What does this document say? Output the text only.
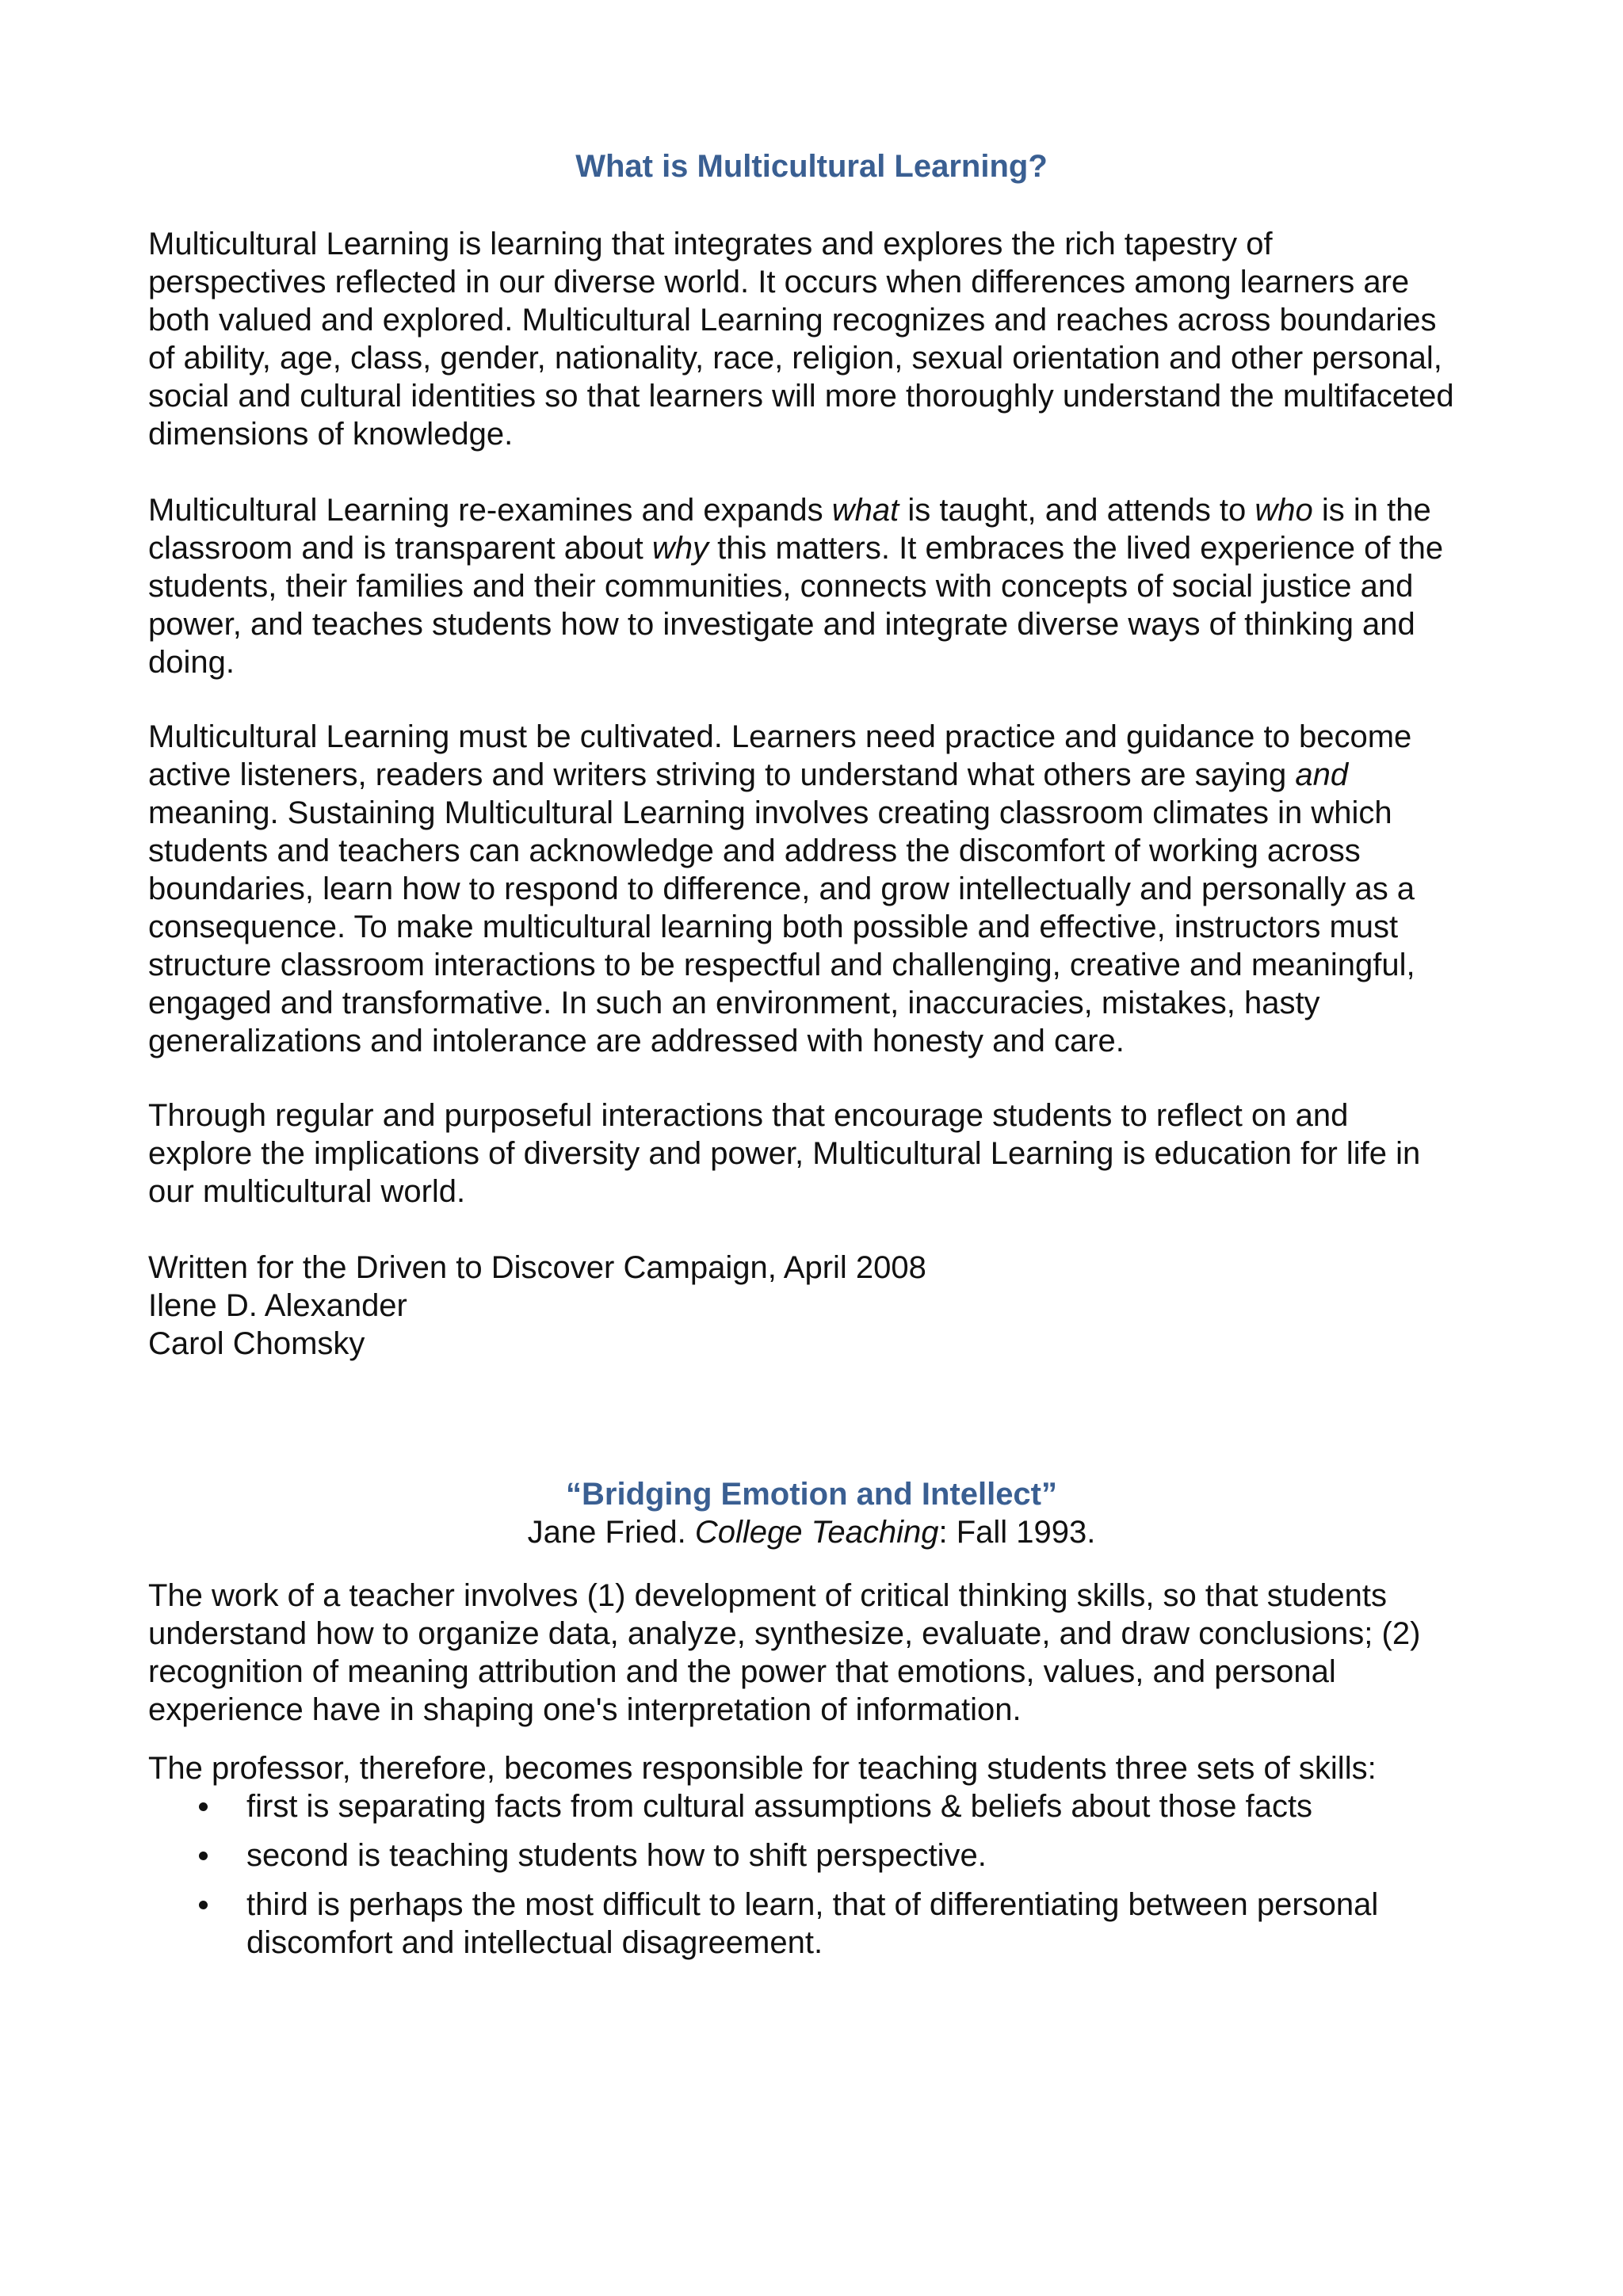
What is Multicultural Learning?

Multicultural Learning is learning that integrates and explores the rich tapestry of
perspectives reflected in our diverse world. It occurs when differences among learners are
both valued and explored. Multicultural Learning recognizes and reaches across boundaries
of ability, age, class, gender, nationality, race, religion, sexual orientation and other personal,
social and cultural identities so that learners will more thoroughly understand the multifaceted
dimensions of knowledge.

Multicultural Learning re-examines and expands what is taught, and attends to who is in the
classroom and is transparent about why this matters. It embraces the lived experience of the
students, their families and their communities, connects with concepts of social justice and
power, and teaches students how to investigate and integrate diverse ways of thinking and
doing.

Multicultural Learning must be cultivated. Learners need practice and guidance to become
active listeners, readers and writers striving to understand what others are saying and
meaning. Sustaining Multicultural Learning involves creating classroom climates in which
students and teachers can acknowledge and address the discomfort of working across
boundaries, learn how to respond to difference, and grow intellectually and personally as a
consequence. To make multicultural learning both possible and effective, instructors must
structure classroom interactions to be respectful and challenging, creative and meaningful,
engaged and transformative. In such an environment, inaccuracies, mistakes, hasty
generalizations and intolerance are addressed with honesty and care.

Through regular and purposeful interactions that encourage students to reflect on and
explore the implications of diversity and power, Multicultural Learning is education for life in
our multicultural world.

Written for the Driven to Discover Campaign, April 2008
Ilene D. Alexander
Carol Chomsky

“Bridging Emotion and Intellect”

Jane Fried. College Teaching: Fall 1993.

The work of a teacher involves (1) development of critical thinking skills, so that students
understand how to organize data, analyze, synthesize, evaluate, and draw conclusions; (2)
recognition of meaning attribution and the power that emotions, values, and personal
experience have in shaping one's interpretation of information.

The professor, therefore, becomes responsible for teaching students three sets of skills:

first is separating facts from cultural assumptions & beliefs about those facts
second is teaching students how to shift perspective.
third is perhaps the most difficult to learn, that of differentiating between personal
discomfort and intellectual disagreement.
